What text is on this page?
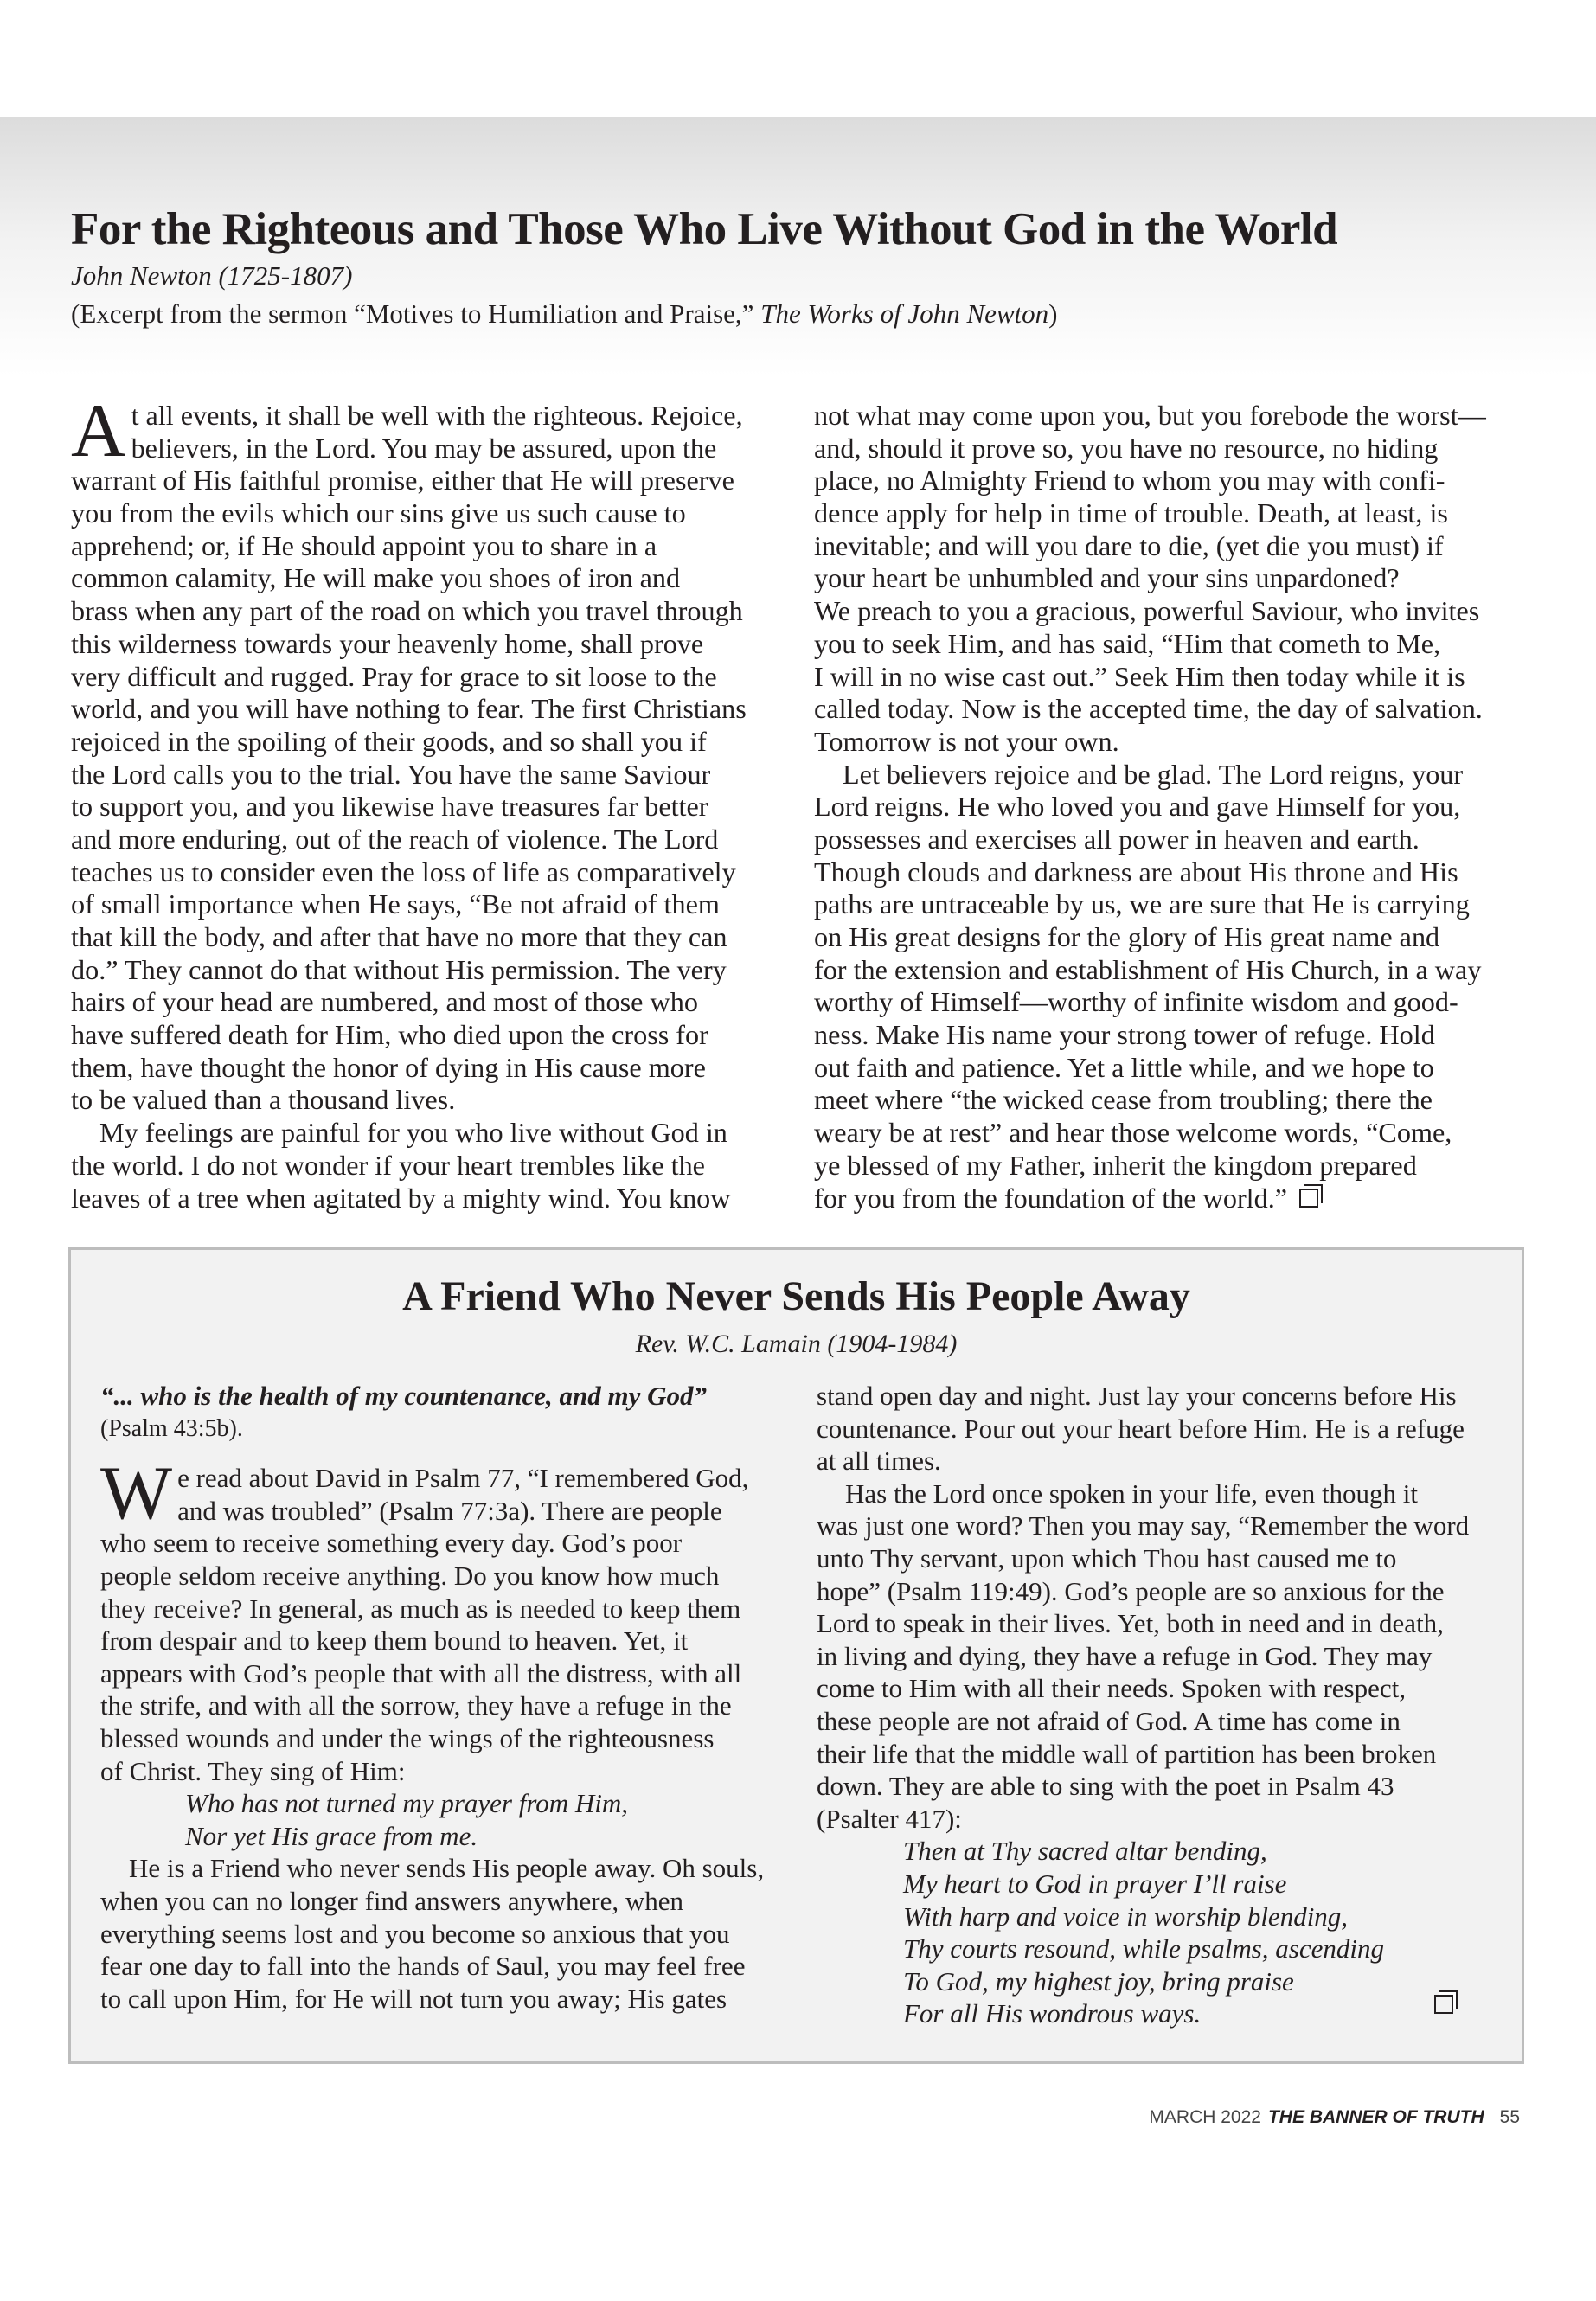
For the Righteous and Those Who Live Without God in the World

John Newton (1725-1807)

(Excerpt from the sermon “Motives to Humiliation and Praise,” The Works of John Newton)

A t all events, it shall be well with the righteous. Rejoice,
believers, in the Lord. You may be assured, upon the
warrant of His faithful promise, either that He will preserve
you from the evils which our sins give us such cause to
apprehend; or, if He should appoint you to share in a
common calamity, He will make you shoes of iron and
brass when any part of the road on which you travel through
this wilderness towards your heavenly home, shall prove
very difficult and rugged. Pray for grace to sit loose to the
world, and you will have nothing to fear. The first Christians
rejoiced in the spoiling of their goods, and so shall you if
the Lord calls you to the trial. You have the same Saviour
to support you, and you likewise have treasures far better
and more enduring, out of the reach of violence. The Lord
teaches us to consider even the loss of life as comparatively
of small importance when He says, “Be not afraid of them
that kill the body, and after that have no more that they can
do.” They cannot do that without His permission. The very
hairs of your head are numbered, and most of those who
have suffered death for Him, who died upon the cross for
them, have thought the honor of dying in His cause more
to be valued than a thousand lives.
My feelings are painful for you who live without God in
the world. I do not wonder if your heart trembles like the
leaves of a tree when agitated by a mighty wind. You know
not what may come upon you, but you forebode the worst—
and, should it prove so, you have no resource, no hiding
place, no Almighty Friend to whom you may with confi-
dence apply for help in time of trouble. Death, at least, is
inevitable; and will you dare to die, (yet die you must) if
your heart be unhumbled and your sins unpardoned?
We preach to you a gracious, powerful Saviour, who invites
you to seek Him, and has said, “Him that cometh to Me,
I will in no wise cast out.” Seek Him then today while it is
called today. Now is the accepted time, the day of salvation.
Tomorrow is not your own.
Let believers rejoice and be glad. The Lord reigns, your
Lord reigns. He who loved you and gave Himself for you,
possesses and exercises all power in heaven and earth.
Though clouds and darkness are about His throne and His
paths are untraceable by us, we are sure that He is carrying
on His great designs for the glory of His great name and
for the extension and establishment of His Church, in a way
worthy of Himself—worthy of infinite wisdom and good-
ness. Make His name your strong tower of refuge. Hold
out faith and patience. Yet a little while, and we hope to
meet where “the wicked cease from troubling; there the
weary be at rest” and hear those welcome words, “Come,
ye blessed of my Father, inherit the kingdom prepared
for you from the foundation of the world.”
A Friend Who Never Sends His People Away

Rev. W.C. Lamain (1904-1984)

“... who is the health of my countenance, and my God”
(Psalm 43:5b).
W e read about David in Psalm 77, “I remembered God,
and was troubled” (Psalm 77:3a). There are people
who seem to receive something every day. God’s poor
people seldom receive anything. Do you know how much
they receive? In general, as much as is needed to keep them
from despair and to keep them bound to heaven. Yet, it
appears with God’s people that with all the distress, with all
the strife, and with all the sorrow, they have a refuge in the
blessed wounds and under the wings of the righteousness
of Christ. They sing of Him:
Who has not turned my prayer from Him,
Nor yet His grace from me.
He is a Friend who never sends His people away. Oh souls,
when you can no longer find answers anywhere, when
everything seems lost and you become so anxious that you
fear one day to fall into the hands of Saul, you may feel free
to call upon Him, for He will not turn you away; His gates
stand open day and night. Just lay your concerns before His
countenance. Pour out your heart before Him. He is a refuge
at all times.
Has the Lord once spoken in your life, even though it
was just one word? Then you may say, “Remember the word
unto Thy servant, upon which Thou hast caused me to
hope” (Psalm 119:49). God’s people are so anxious for the
Lord to speak in their lives. Yet, both in need and in death,
in living and dying, they have a refuge in God. They may
come to Him with all their needs. Spoken with respect,
these people are not afraid of God. A time has come in
their life that the middle wall of partition has been broken
down. They are able to sing with the poet in Psalm 43
(Psalter 417):
Then at Thy sacred altar bending,
My heart to God in prayer I’ll raise
With harp and voice in worship blending,
Thy courts resound, while psalms, ascending
To God, my highest joy, bring praise
For all His wondrous ways.
MARCH 2022 THE BANNER OF TRUTH 55
